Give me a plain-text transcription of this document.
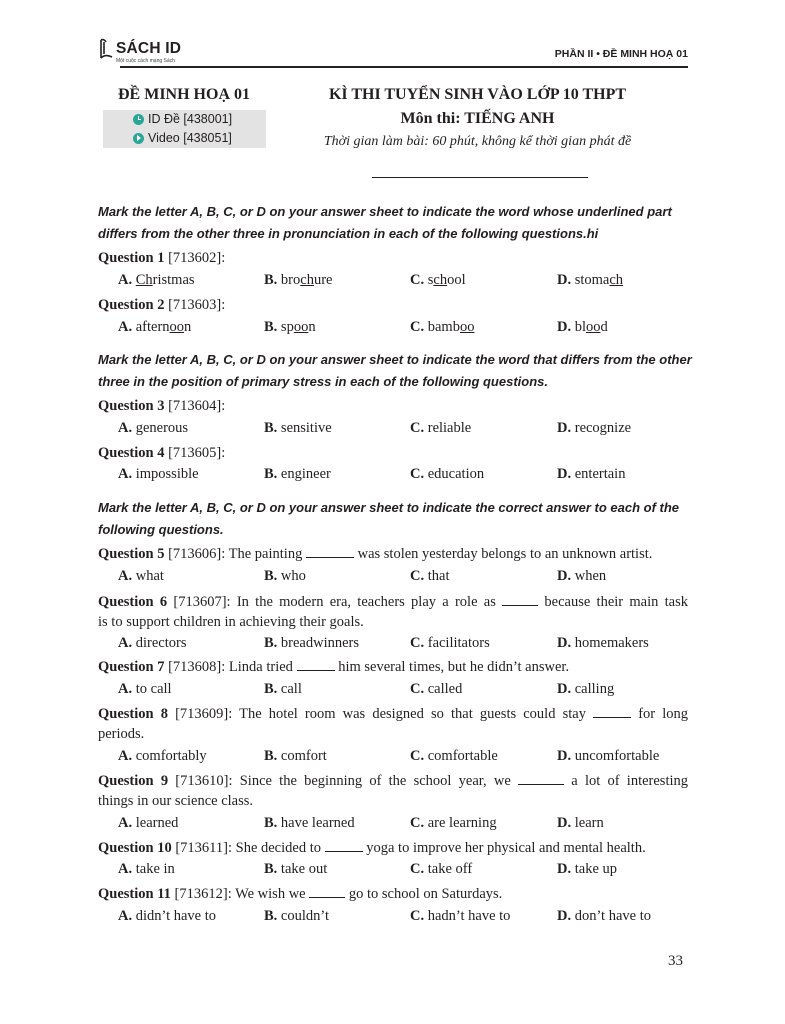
SÁCH ID
Một cuộc cách mạng Sách
PHẦN II • ĐỀ MINH HOẠ 01
ĐỀ MINH HOẠ 01
ID Đề [438001]
Video [438051]
KÌ THI TUYỂN SINH VÀO LỚP 10 THPT
Môn thi: TIẾNG ANH
Thời gian làm bài: 60 phút, không kể thời gian phát đề
Mark the letter A, B, C, or D on your answer sheet to indicate the word whose underlined part differs from the other three in pronunciation in each of the following questions.hi
Question 1 [713602]:
A. Christmas	B. brochure	C. school	D. stomach
Question 2 [713603]:
A. afternoon	B. spoon	C. bamboo	D. blood
Mark the letter A, B, C, or D on your answer sheet to indicate the word that differs from the other three in the position of primary stress in each of the following questions.
Question 3 [713604]:
A. generous	B. sensitive	C. reliable	D. recognize
Question 4 [713605]:
A. impossible	B. engineer	C. education	D. entertain
Mark the letter A, B, C, or D on your answer sheet to indicate the correct answer to each of the following questions.
Question 5 [713606]: The painting	was stolen yesterday belongs to an unknown artist.
A. what	B. who	C. that	D. when
Question 6 [713607]: In the modern era, teachers play a role as  because their main task
is to support children in achieving their goals.
A. directors	B. breadwinners	C. facilitators	D. homemakers
Question 7 [713608]: Linda tried	him several times, but he didn’t answer.
A. to call	B. call	C. called	D. calling
Question 8 [713609]: The hotel room was designed so that guests could stay	for long
periods.
A. comfortably	B. comfort	C. comfortable	D. uncomfortable
Question 9 [713610]: Since the beginning of the school year, we	a lot of interesting
things in our science class.
A. learned	B. have learned	C. are learning	D. learn
Question 10 [713611]: She decided to	yoga to improve her physical and mental health.
A. take in	B. take out	C. take off	D. take up
Question 11 [713612]: We wish we  go to school on Saturdays.
A. didn’t have to	B. couldn’t	C. hadn’t have to	D. don’t have to
33
